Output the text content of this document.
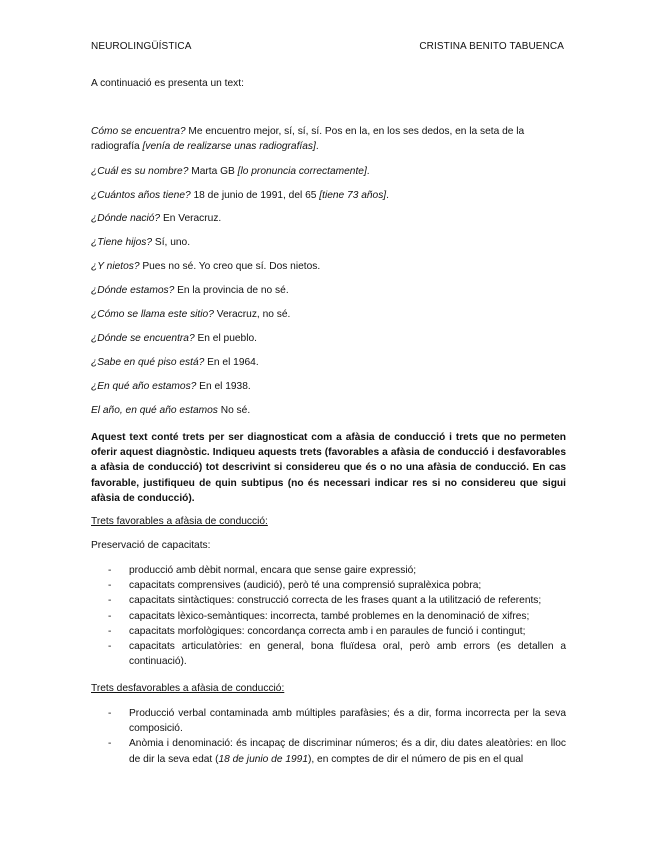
NEUROLINGÜÍSTICA	CRISTINA BENITO TABUENCA
A continuació es presenta un text:
Cómo se encuentra? Me encuentro mejor, sí, sí, sí. Pos en la, en los ses dedos, en la seta de la radiografía [venía de realizarse unas radiografías].
¿Cuál es su nombre? Marta GB [lo pronuncia correctamente].
¿Cuántos años tiene? 18 de junio de 1991, del 65 [tiene 73 años].
¿Dónde nació? En Veracruz.
¿Tiene hijos? Sí, uno.
¿Y nietos? Pues no sé. Yo creo que sí. Dos nietos.
¿Dónde estamos? En la provincia de no sé.
¿Cómo se llama este sitio? Veracruz, no sé.
¿Dónde se encuentra? En el pueblo.
¿Sabe en qué piso está? En el 1964.
¿En qué año estamos? En el 1938.
El año, en qué año estamos No sé.
Aquest text conté trets per ser diagnosticat com a afàsia de conducció i trets que no permeten oferir aquest diagnòstic. Indiqueu aquests trets (favorables a afàsia de conducció i desfavorables a afàsia de conducció) tot descrivint si considereu que és o no una afàsia de conducció. En cas favorable, justifiqueu de quin subtipus (no és necessari indicar res si no considereu que sigui afàsia de conducció).
Trets favorables a afàsia de conducció:
Preservació de capacitats:
- producció amb dèbit normal, encara que sense gaire expressió;
- capacitats comprensives (audició), però té una comprensió supralèxica pobra;
- capacitats sintàctiques: construcció correcta de les frases quant a la utilització de referents;
- capacitats lèxico-semàntiques: incorrecta, també problemes en la denominació de xifres;
- capacitats morfològiques: concordança correcta amb i en paraules de funció i contingut;
- capacitats articulatòries: en general, bona fluïdesa oral, però amb errors (es detallen a continuació).
Trets desfavorables a afàsia de conducció:
- Producció verbal contaminada amb múltiples parafàsies; és a dir, forma incorrecta per la seva composició.
- Anòmia i denominació: és incapaç de discriminar números; és a dir, diu dates aleatòries: en lloc de dir la seva edat (18 de junio de 1991), en comptes de dir el número de pis en el qual
